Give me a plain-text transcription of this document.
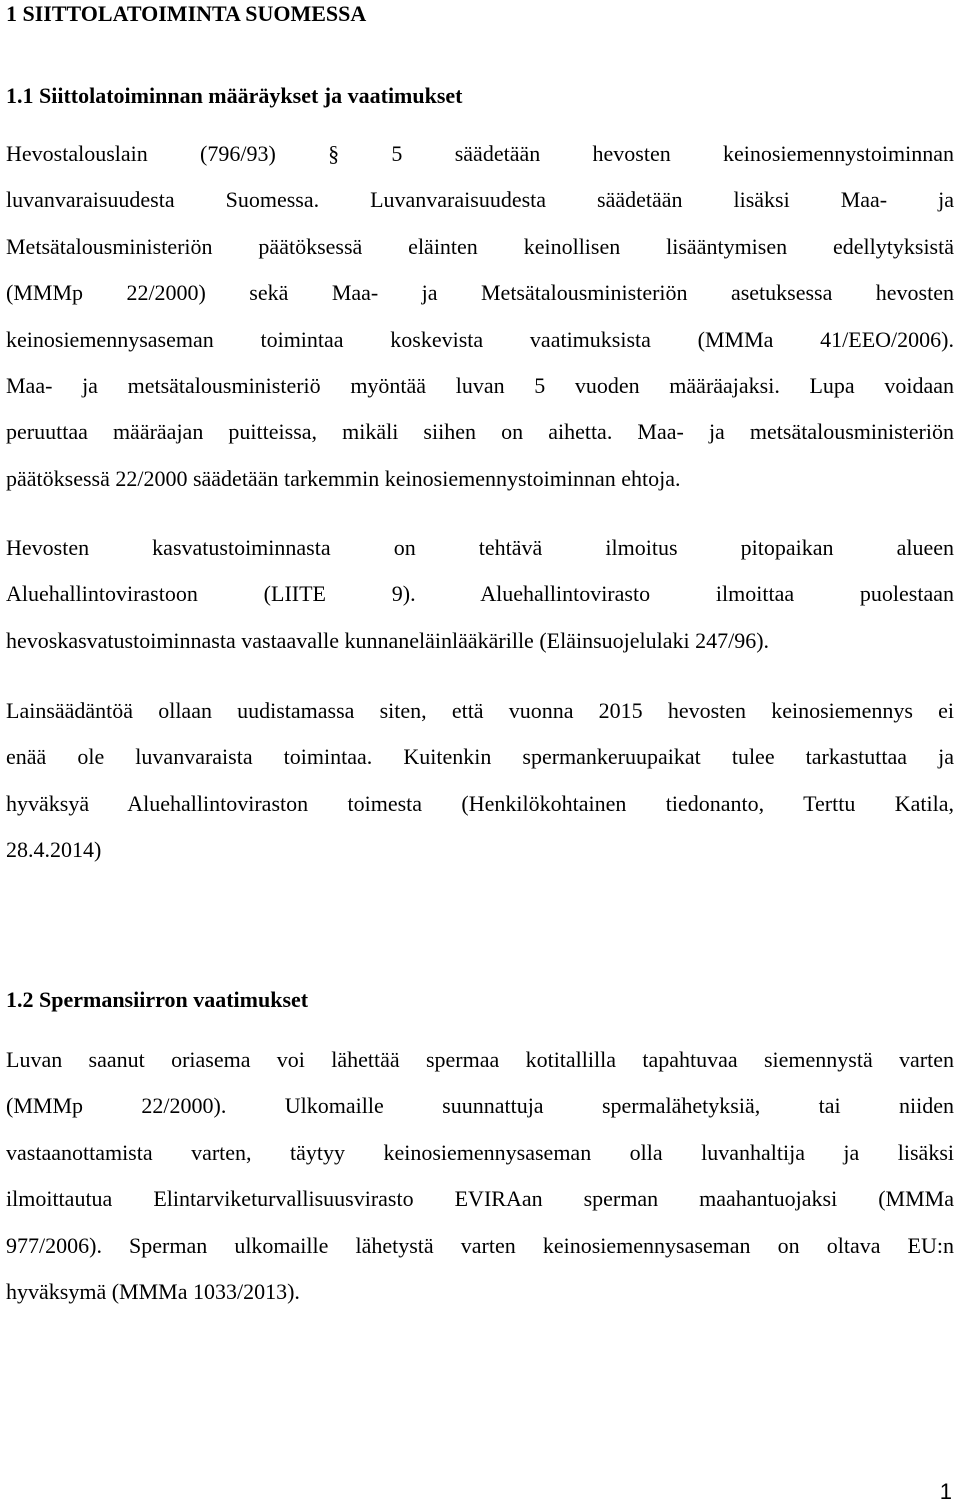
1 SIITTOLATOIMINTA SUOMESSA
1.1 Siittolatoiminnan määräykset ja vaatimukset
Hevostalouslain (796/93) § 5 säädetään hevosten keinosiemennystoiminnan
luvanvaraisuudesta Suomessa. Luvanvaraisuudesta säädetään lisäksi Maa- ja
Metsätalousministeriön päätöksessä eläinten keinollisen lisääntymisen edellytyksistä
(MMMp 22/2000) sekä Maa- ja Metsätalousministeriön asetuksessa hevosten
keinosiemennysaseman toimintaa koskevista vaatimuksista (MMMa 41/EEO/2006).
Maa- ja metsätalousministeriö myöntää luvan 5 vuoden määräajaksi. Lupa voidaan
peruuttaa määräajan puitteissa, mikäli siihen on aihetta. Maa- ja metsätalousministeriön
päätöksessä 22/2000 säädetään tarkemmin keinosiemennystoiminnan ehtoja.
Hevosten kasvatustoiminnasta on tehtävä ilmoitus pitopaikan alueen
Aluehallintovirastoon (LIITE 9). Aluehallintovirasto ilmoittaa puolestaan
hevoskasvatustoiminnasta vastaavalle kunnaneläinlääkärille (Eläinsuojelulaki 247/96).
Lainsäädäntöä ollaan uudistamassa siten, että vuonna 2015 hevosten keinosiemennys ei
enää ole luvanvaraista toimintaa. Kuitenkin spermankeruupaikat tulee tarkastuttaa ja
hyväksyä Aluehallintoviraston toimesta (Henkilökohtainen tiedonanto, Terttu Katila,
28.4.2014)
1.2 Spermansiirron vaatimukset
Luvan saanut oriasema voi lähettää spermaa kotitallilla tapahtuvaa siemennystä varten
(MMMp 22/2000). Ulkomaille suunnattuja spermalähetyksiä, tai niiden
vastaanottamista varten, täytyy keinosiemennysaseman olla luvanhaltija ja lisäksi
ilmoittautua Elintarviketurvallisuusvirasto EVIRAan sperman maahantuojaksi (MMMa
977/2006). Sperman ulkomaille lähetystä varten keinosiemennysaseman on oltava EU:n
hyväksymä (MMMa 1033/2013).
1
